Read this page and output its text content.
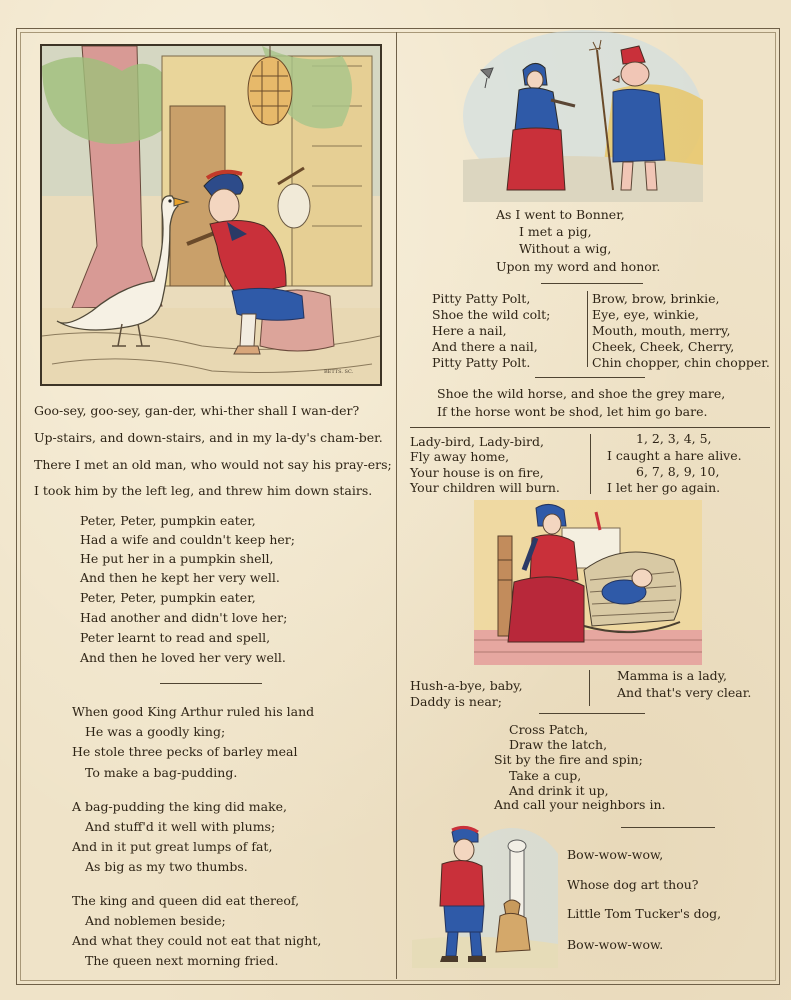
BETTS. SC.
Goo-sey, goo-sey, gan-der, whi-ther shall I wan-der?
Up-stairs, and down-stairs, and in my la-dy's cham-ber.
There I met an old man, who would not say his pray-ers;
I took him by the left leg, and threw him down stairs.
Peter, Peter, pumpkin eater,
Had a wife and couldn't keep her;
He put her in a pumpkin shell,
And then he kept her very well.
Peter, Peter, pumpkin eater,
Had another and didn't love her;
Peter learnt to read and spell,
And then he loved her very well.
When good King Arthur ruled his land
He was a goodly king;
He stole three pecks of barley meal
To make a bag-pudding.
A bag-pudding the king did make,
And stuff'd it well with plums;
And in it put great lumps of fat,
As big as my two thumbs.
The king and queen did eat thereof,
And noblemen beside;
And what they could not eat that night,
The queen next morning fried.
As I went to Bonner,
I met a pig,
Without a wig,
Upon my word and honor.
Pitty Patty Polt,
Shoe the wild colt;
Here a nail,
And there a nail,
Pitty Patty Polt.
Brow, brow, brinkie,
Eye, eye, winkie,
Mouth, mouth, merry,
Cheek, Cheek, Cherry,
Chin chopper, chin chopper.
Shoe the wild horse, and shoe the grey mare,
If the horse wont be shod, let him go bare.
Lady-bird, Lady-bird,
Fly away home,
Your house is on fire,
Your children will burn.
1, 2, 3, 4, 5,
I caught a hare alive.
6, 7, 8, 9, 10,
I let her go again.
Hush-a-bye, baby,
Daddy is near;
Mamma is a lady,
And that's very clear.
Cross Patch,
Draw the latch,
Sit by the fire and spin;
Take a cup,
And drink it up,
And call your neighbors in.
Bow-wow-wow,
Whose dog art thou?
Little Tom Tucker's dog,
Bow-wow-wow.
